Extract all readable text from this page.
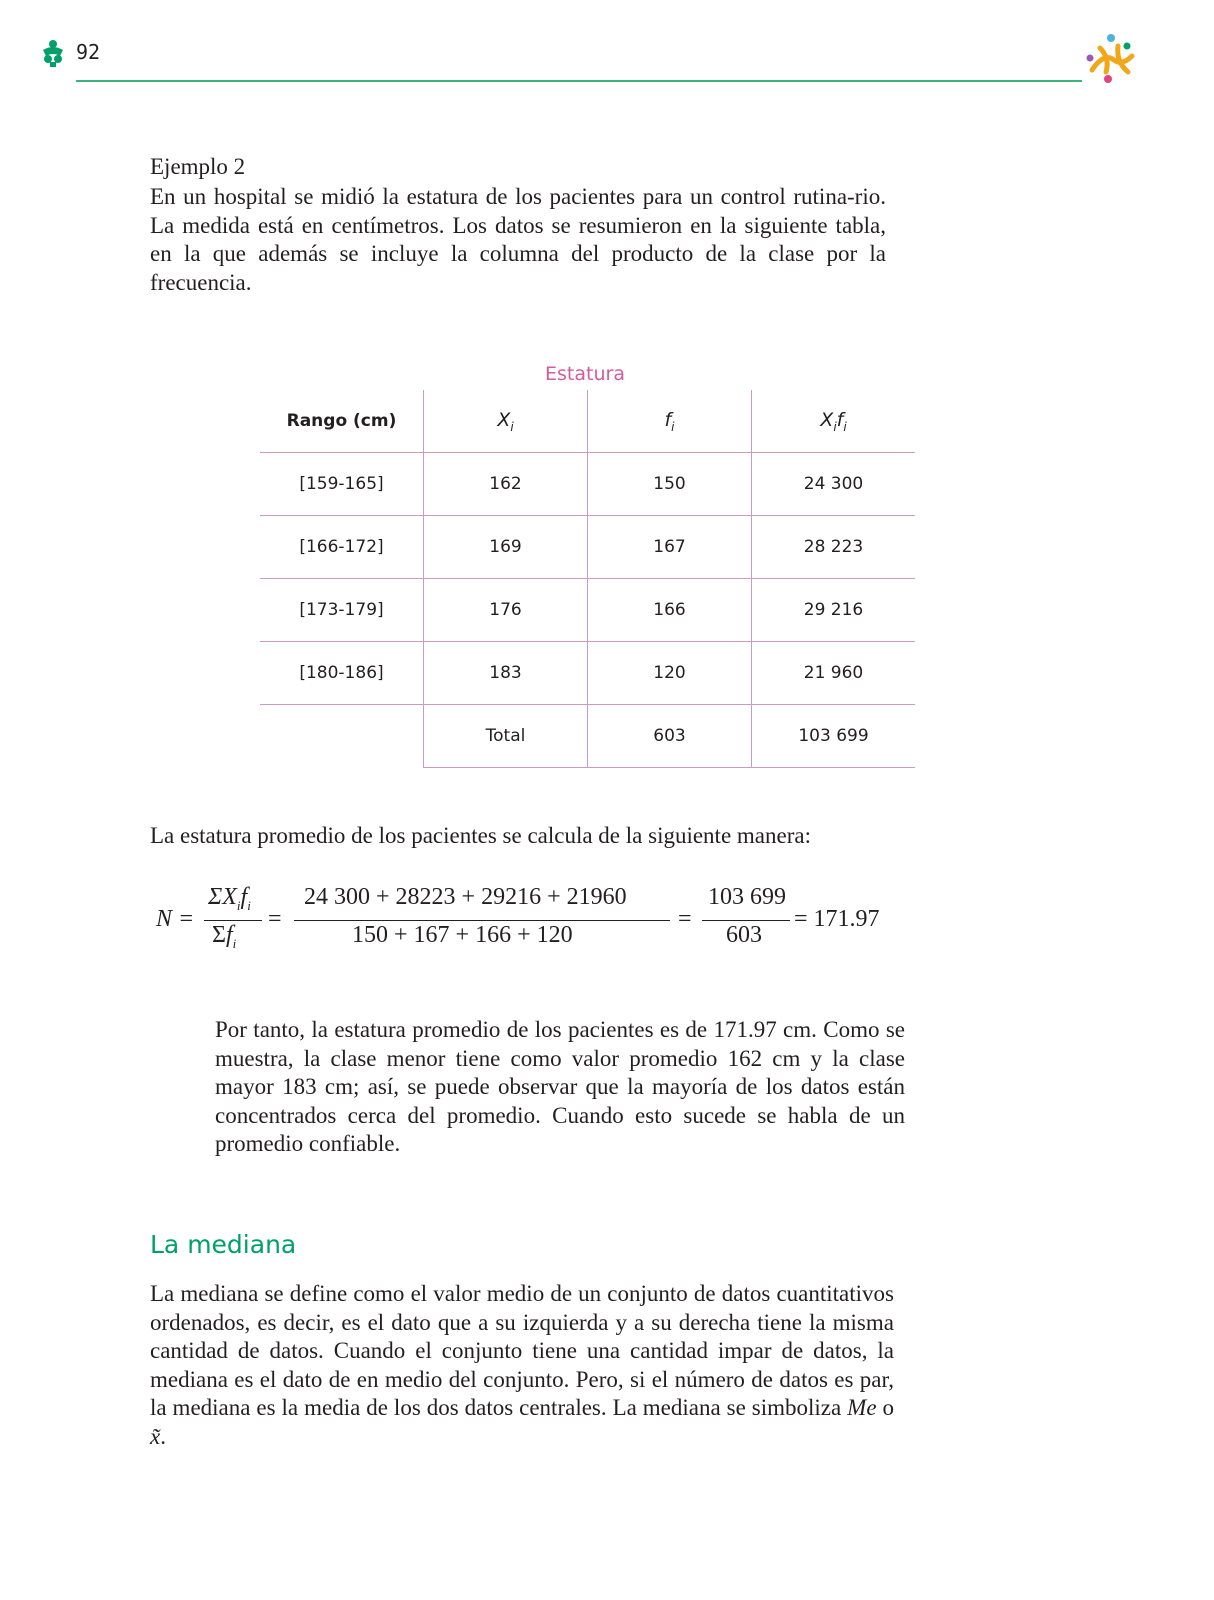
92
Ejemplo 2
En un hospital se midió la estatura de los pacientes para un control rutina-rio. La medida está en centímetros. Los datos se resumieron en la siguiente tabla, en la que además se incluye la columna del producto de la clase por la frecuencia.
Estatura
Rango (cm)	$X_i$	$f_i$	$X_if_i$
[159-165]	162	150	24 300
[166-172]	169	167	28 223
[173-179]	176	166	29 216
[180-186]	183	120	21 960
	Total	603	103 699
La estatura promedio de los pacientes se calcula de la siguiente manera:
N =
$\Sigma X_if_i$
$\Sigma f_i$
=
24 300 + 28223 + 29216 + 21960
150 + 167 + 166 + 120
=
103 699
603
= 171.97
Por tanto, la estatura promedio de los pacientes es de 171.97 cm. Como se muestra, la clase menor tiene como valor promedio 162 cm y la clase mayor 183 cm; así, se puede observar que la mayoría de los datos están concentrados cerca del promedio. Cuando esto sucede se habla de un promedio confiable.
La mediana
La mediana se define como el valor medio de un conjunto de datos cuantitativos ordenados, es decir, es el dato que a su izquierda y a su derecha tiene la misma cantidad de datos. Cuando el conjunto tiene una cantidad impar de datos, la mediana es el dato de en medio del conjunto. Pero, si el número de datos es par, la mediana es la media de los dos datos centrales. La mediana se simboliza Me o x̃.
